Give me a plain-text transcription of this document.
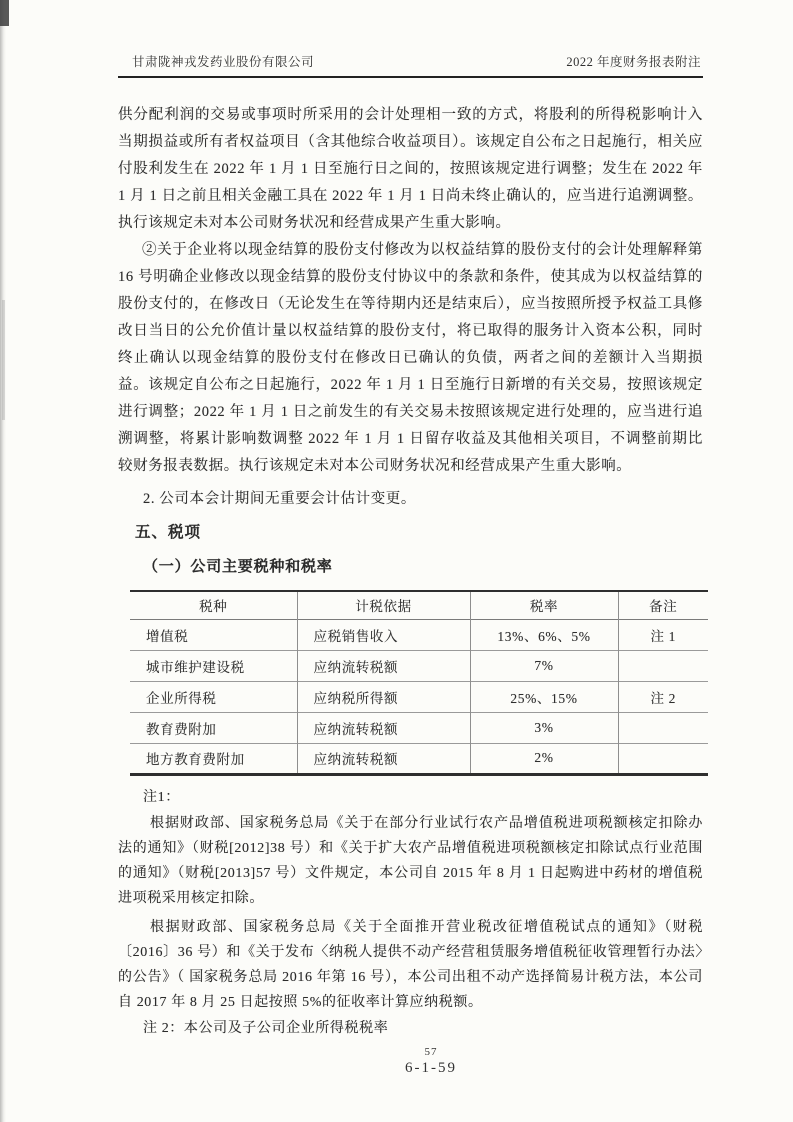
甘肃陇神戎发药业股份有限公司	2022 年度财务报表附注

供分配利润的交易或事项时所采用的会计处理相一致的方式，将股利的所得税影响计入当期损益或所有者权益项目（含其他综合收益项目）。该规定自公布之日起施行，相关应付股利发生在 2022 年 1 月 1 日至施行日之间的，按照该规定进行调整；发生在 2022 年 1 月 1 日之前且相关金融工具在 2022 年 1 月 1 日尚未终止确认的，应当进行追溯调整。执行该规定未对本公司财务状况和经营成果产生重大影响。

②关于企业将以现金结算的股份支付修改为以权益结算的股份支付的会计处理解释第 16 号明确企业修改以现金结算的股份支付协议中的条款和条件，使其成为以权益结算的股份支付的，在修改日（无论发生在等待期内还是结束后），应当按照所授予权益工具修改日当日的公允价值计量以权益结算的股份支付，将已取得的服务计入资本公积，同时终止确认以现金结算的股份支付在修改日已确认的负债，两者之间的差额计入当期损益。该规定自公布之日起施行，2022 年 1 月 1 日至施行日新增的有关交易，按照该规定进行调整；2022 年 1 月 1 日之前发生的有关交易未按照该规定进行处理的，应当进行追溯调整，将累计影响数调整 2022 年 1 月 1 日留存收益及其他相关项目，不调整前期比较财务报表数据。执行该规定未对本公司财务状况和经营成果产生重大影响。

2. 公司本会计期间无重要会计估计变更。

五、税项
（一）公司主要税种和税率
税种	计税依据	税率	备注
增值税	应税销售收入	13%、6%、5%	注 1
城市维护建设税	应纳流转税额	7%	
企业所得税	应纳税所得额	25%、15%	注 2
教育费附加	应纳流转税额	3%	
地方教育费附加	应纳流转税额	2%	

注1：

根据财政部、国家税务总局《关于在部分行业试行农产品增值税进项税额核定扣除办法的通知》（财税[2012]38 号）和《关于扩大农产品增值税进项税额核定扣除试点行业范围的通知》（财税[2013]57 号）文件规定，本公司自 2015 年 8 月 1 日起购进中药材的增值税进项税采用核定扣除。

根据财政部、国家税务总局《关于全面推开营业税改征增值税试点的通知》（财税〔2016〕36 号）和《关于发布〈纳税人提供不动产经营租赁服务增值税征收管理暂行办法〉的公告》（ 国家税务总局 2016 年第 16 号），本公司出租不动产选择简易计税方法，本公司自 2017 年 8 月 25 日起按照 5%的征收率计算应纳税额。

注 2：本公司及子公司企业所得税税率

57
6-1-59
